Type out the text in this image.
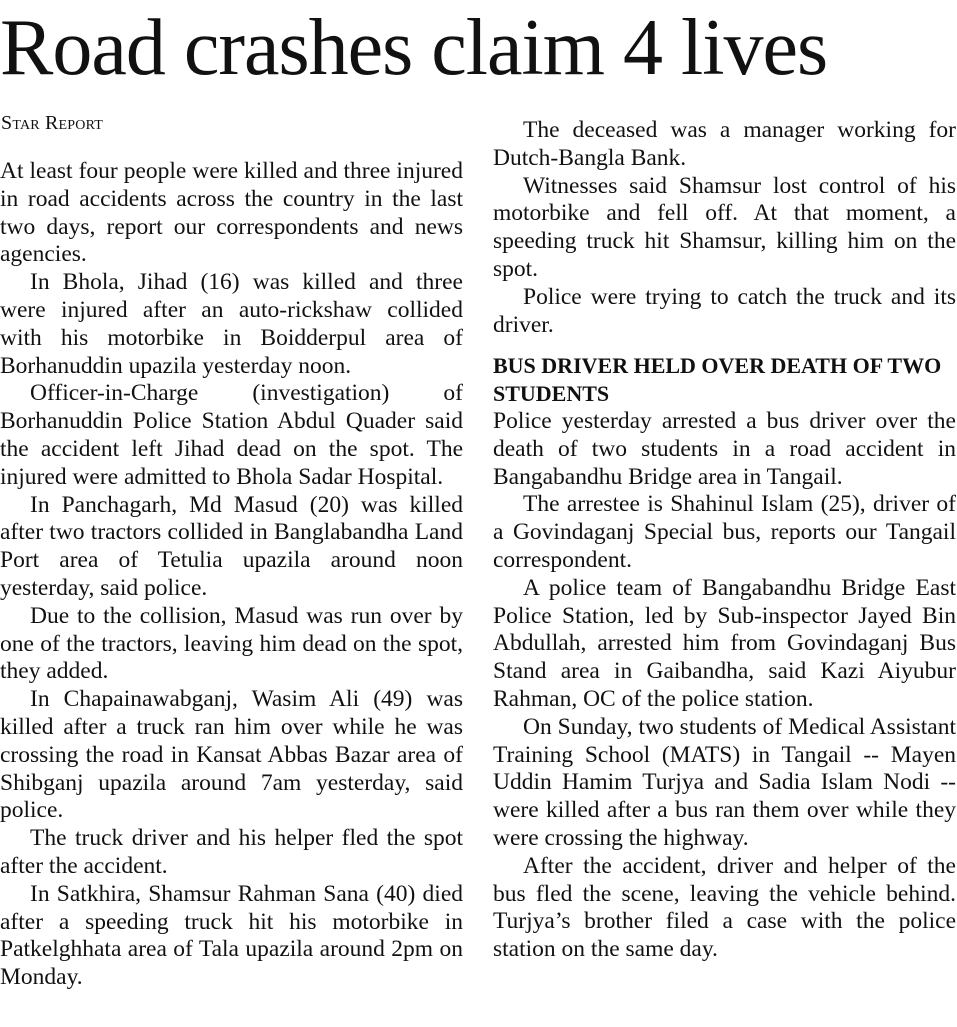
Road crashes claim 4 lives
Star Report

At least four people were killed and three injured in road accidents across the country in the last two days, report our correspondents and news agencies.

In Bhola, Jihad (16) was killed and three were injured after an auto-rickshaw collided with his motorbike in Boidderpul area of Borhanuddin upazila yesterday noon.

Officer-in-Charge (investigation) of Borhanuddin Police Station Abdul Quader said the accident left Jihad dead on the spot. The injured were admitted to Bhola Sadar Hospital.

In Panchagarh, Md Masud (20) was killed after two tractors collided in Banglabandha Land Port area of Tetulia upazila around noon yesterday, said police.

Due to the collision, Masud was run over by one of the tractors, leaving him dead on the spot, they added.

In Chapainawabganj, Wasim Ali (49) was killed after a truck ran him over while he was crossing the road in Kansat Abbas Bazar area of Shibganj upazila around 7am yesterday, said police.

The truck driver and his helper fled the spot after the accident.

In Satkhira, Shamsur Rahman Sana (40) died after a speeding truck hit his motorbike in Patkelghhata area of Tala upazila around 2pm on Monday.

The deceased was a manager working for Dutch-Bangla Bank.

Witnesses said Shamsur lost control of his motorbike and fell off. At that moment, a speeding truck hit Shamsur, killing him on the spot.

Police were trying to catch the truck and its driver.

BUS DRIVER HELD OVER DEATH OF TWO STUDENTS

Police yesterday arrested a bus driver over the death of two students in a road accident in Bangabandhu Bridge area in Tangail.

The arrestee is Shahinul Islam (25), driver of a Govindaganj Special bus, reports our Tangail correspondent.

A police team of Bangabandhu Bridge East Police Station, led by Sub-inspector Jayed Bin Abdullah, arrested him from Govindaganj Bus Stand area in Gaibandha, said Kazi Aiyubur Rahman, OC of the police station.

On Sunday, two students of Medical Assistant Training School (MATS) in Tangail -- Mayen Uddin Hamim Turjya and Sadia Islam Nodi -- were killed after a bus ran them over while they were crossing the highway.

After the accident, driver and helper of the bus fled the scene, leaving the vehicle behind. Turjya’s brother filed a case with the police station on the same day.
